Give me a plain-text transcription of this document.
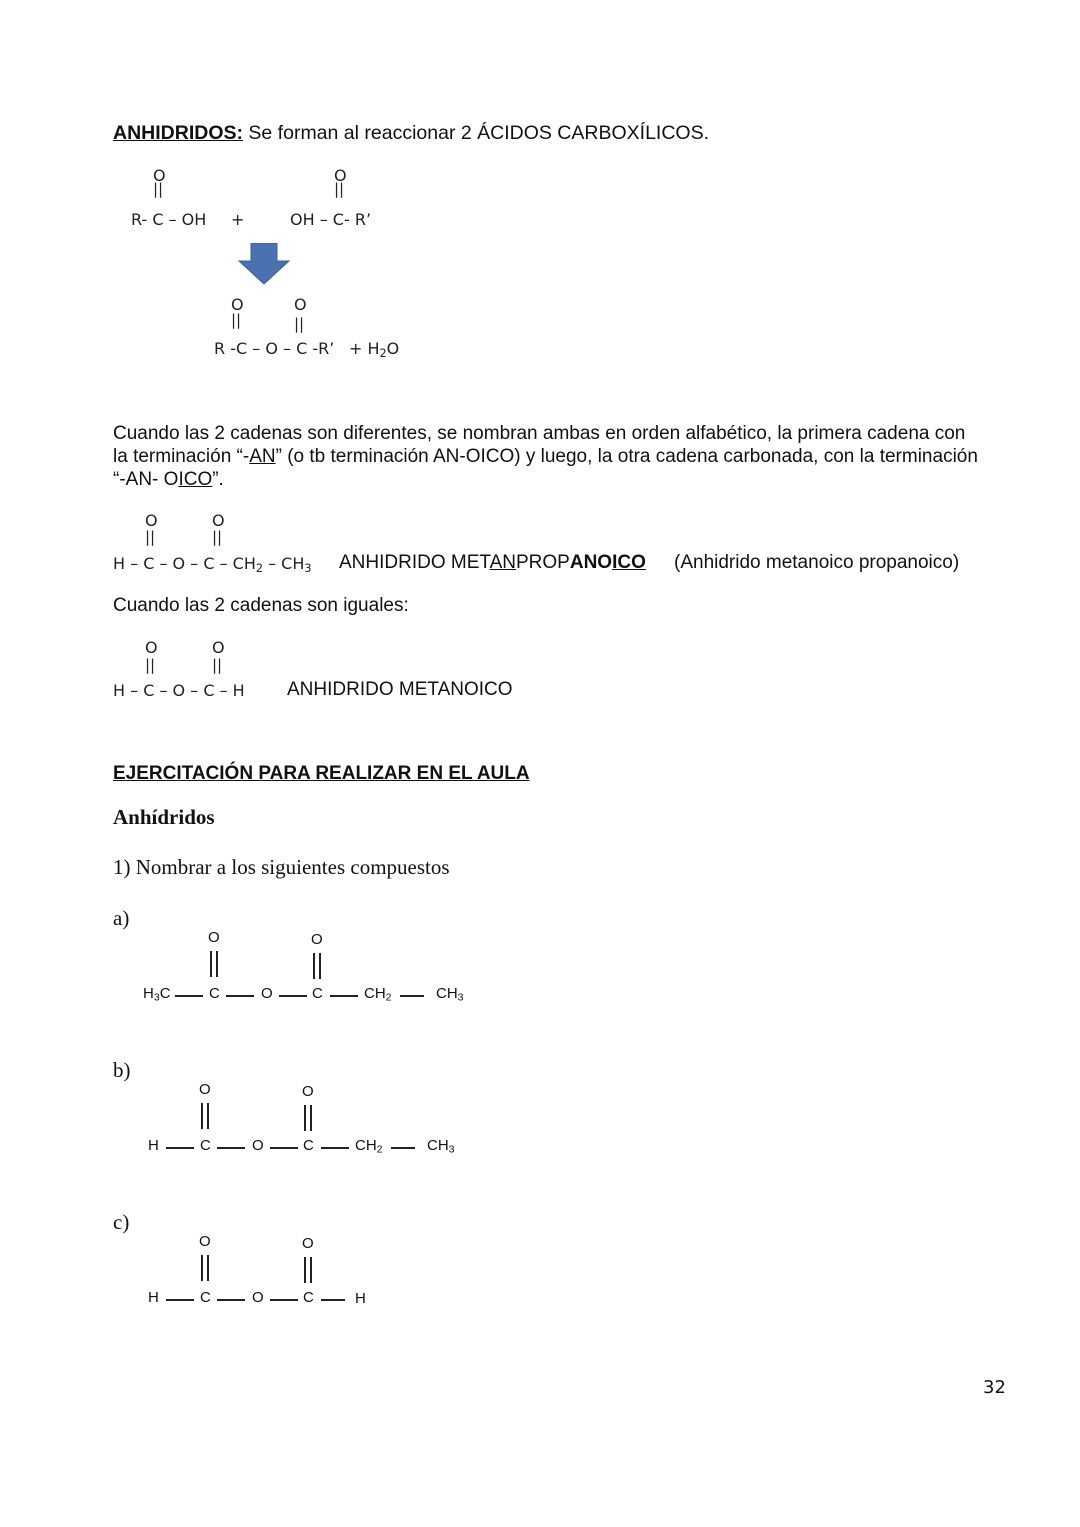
ANHIDRIDOS: Se forman al reaccionar 2 ÁCIDOS CARBOXÍLICOS.
O
||
R- C – OH +
O
||
OH – C- R’
O
||
O
||
R -C – O – C -R’ + $H_2O$
Cuando las 2 cadenas son diferentes, se nombran ambas en orden alfabético, la primera cadena con
la terminación “-AN” (o tb terminación AN-OICO) y luego, la otra cadena carbonada, con la terminación
“-AN- OICO”.
O
||
O
||
H – C – O – C – $CH_2 - CH_3$ ANHIDRIDO METANPROPANOICO (Anhidrido metanoico propanoico)
Cuando las 2 cadenas son iguales:
O
||
O
||
H – C – O – C – H ANHIDRIDO METANOICO
EJERCITACIÓN PARA REALIZAR EN EL AULA
Anhídridos
1) Nombrar a los siguientes compuestos
a)
O	O
$H_3C$	C	O	C	$CH_2$	$CH_3$
b)
O	O
H	C	O	C	$CH_2$	$CH_3$
c)
O	O
H	C	O	C	H
32
